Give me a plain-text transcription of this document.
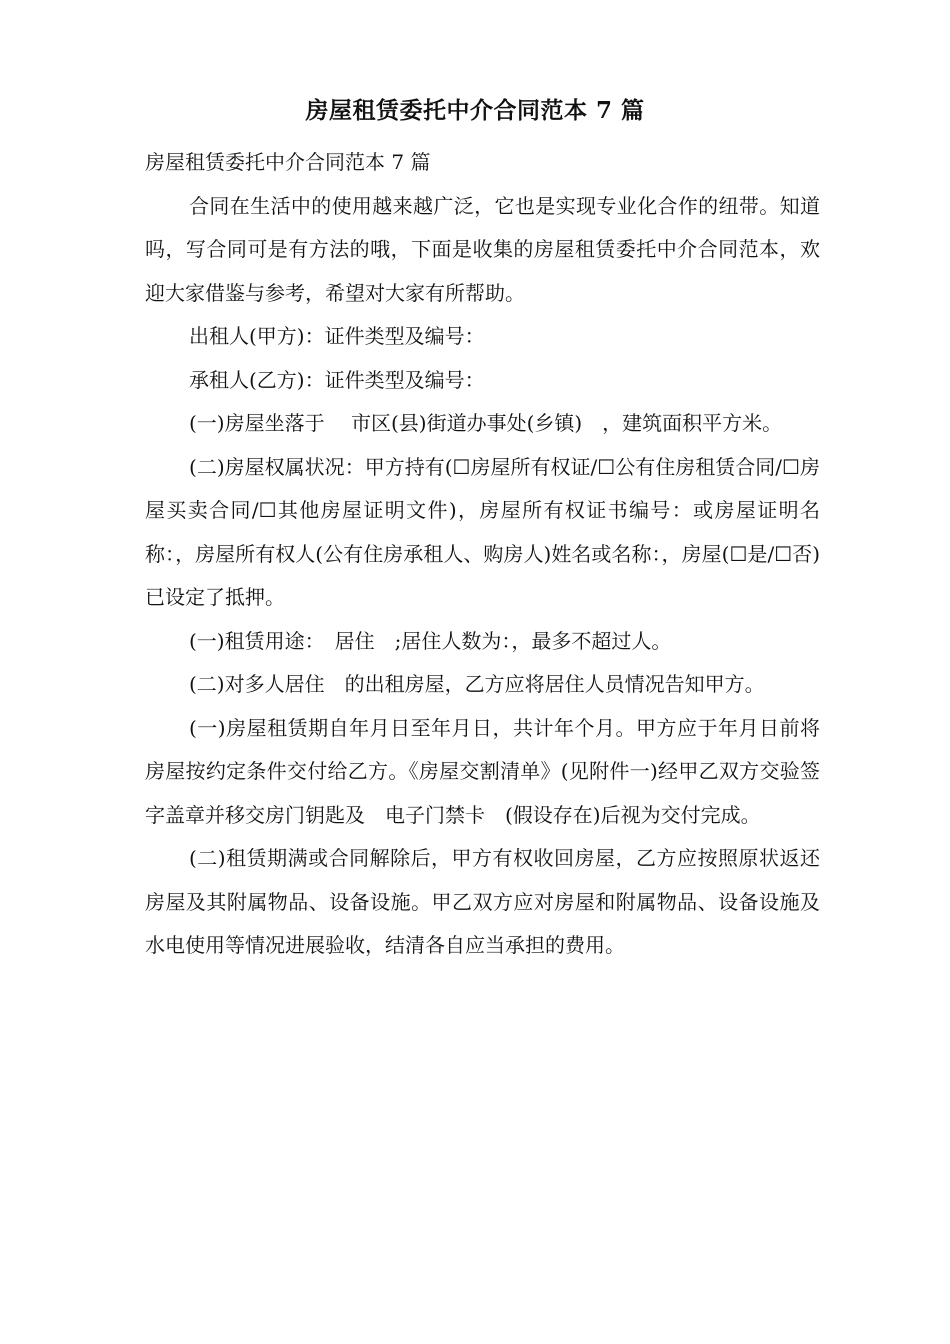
房屋租赁委托中介合同范本 7 篇

房屋租赁委托中介合同范本 7 篇

合同在生活中的使用越来越广泛，它也是实现专业化合作的纽带。知道吗，写合同可是有方法的哦，下面是收集的房屋租赁委托中介合同范本，欢迎大家借鉴与参考，希望对大家有所帮助。

出租人(甲方)：证件类型及编号：

承租人(乙方)：证件类型及编号：

(一)房屋坐落于　 市区(县)街道办事处(乡镇)　，建筑面积平方米。

(二)房屋权属状况：甲方持有(☐房屋所有权证/☐公有住房租赁合同/☐房屋买卖合同/☐其他房屋证明文件)，房屋所有权证书编号：或房屋证明名称：，房屋所有权人(公有住房承租人、购房人)姓名或名称：，房屋(☐是/☐否)已设定了抵押。

(一)租赁用途：　居住　;居住人数为：，最多不超过人。

(二)对多人居住　的出租房屋，乙方应将居住人员情况告知甲方。

(一)房屋租赁期自年月日至年月日，共计年个月。甲方应于年月日前将房屋按约定条件交付给乙方。《房屋交割清单》(见附件一)经甲乙双方交验签字盖章并移交房门钥匙及　电子门禁卡　(假设存在)后视为交付完成。

(二)租赁期满或合同解除后，甲方有权收回房屋，乙方应按照原状返还房屋及其附属物品、设备设施。甲乙双方应对房屋和附属物品、设备设施及水电使用等情况进展验收，结清各自应当承担的费用。
